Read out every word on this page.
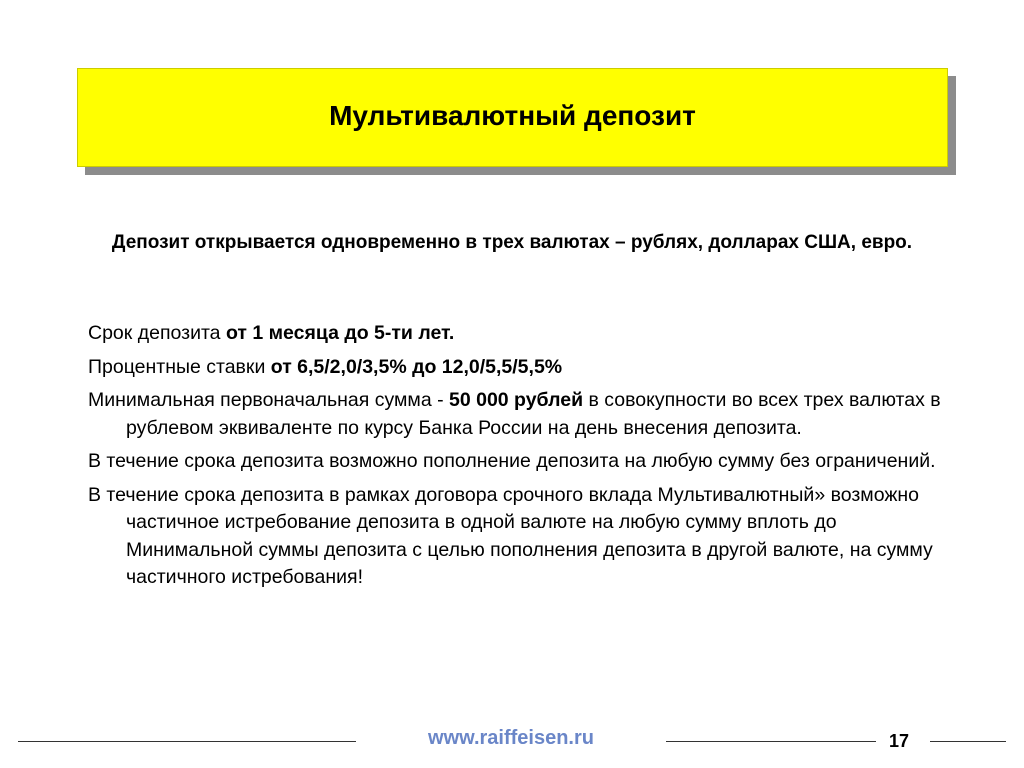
Мультивалютный депозит
Депозит открывается одновременно в трех валютах – рублях, долларах США, евро.
Срок депозита от 1 месяца до 5-ти лет.
Процентные ставки от 6,5/2,0/3,5% до 12,0/5,5/5,5%
Минимальная первоначальная сумма - 50 000 рублей в совокупности во всех трех валютах в рублевом эквиваленте по курсу Банка России на день внесения депозита.
В течение срока депозита возможно пополнение депозита на любую сумму без ограничений.
В течение срока депозита в рамках договора срочного вклада Мультивалютный» возможно частичное истребование депозита в одной валюте на любую сумму вплоть до Минимальной суммы депозита с целью пополнения депозита в другой валюте, на сумму частичного истребования!
www.raiffeisen.ru	17
